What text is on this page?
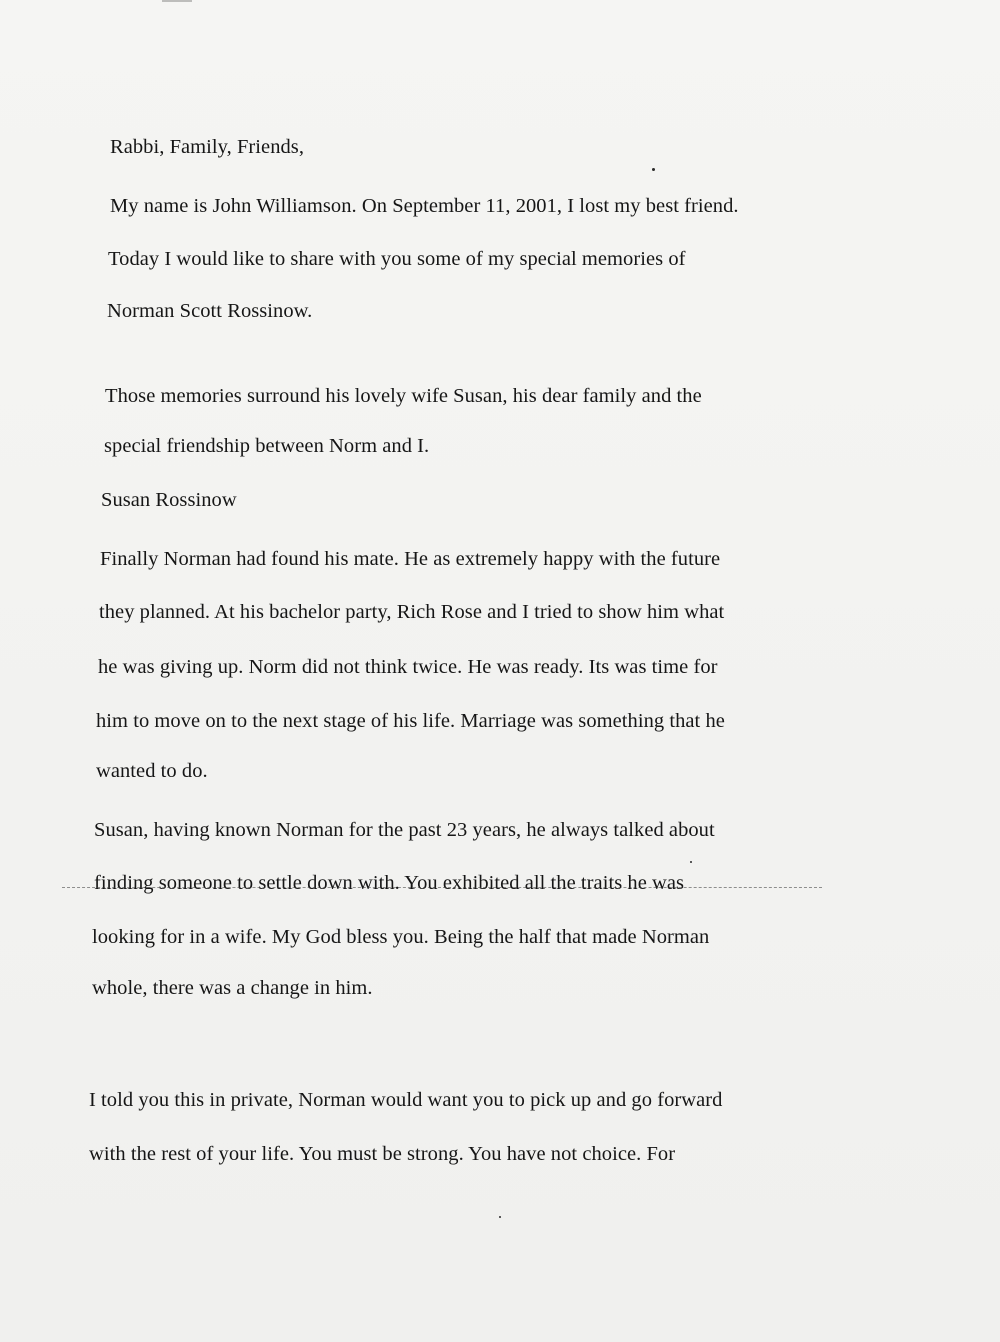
Rabbi, Family, Friends,
My name is John Williamson. On September 11, 2001, I lost my best friend.
Today I would like to share with you some of my special memories of
Norman Scott Rossinow.
Those memories surround his lovely wife Susan, his dear family and the
special friendship between Norm and I.
Susan Rossinow
Finally Norman had found his mate. He as extremely happy with the future
they planned. At his bachelor party, Rich Rose and I tried to show him what
he was giving up. Norm did not think twice. He was ready. Its was time for
him to move on to the next stage of his life. Marriage was something that he
wanted to do.
Susan, having known Norman for the past 23 years, he always talked about
finding someone to settle down with. You exhibited all the traits he was
looking for in a wife. My God bless you. Being the half that made Norman
whole, there was a change in him.
I told you this in private, Norman would want you to pick up and go forward
with the rest of your life. You must be strong. You have not choice. For
